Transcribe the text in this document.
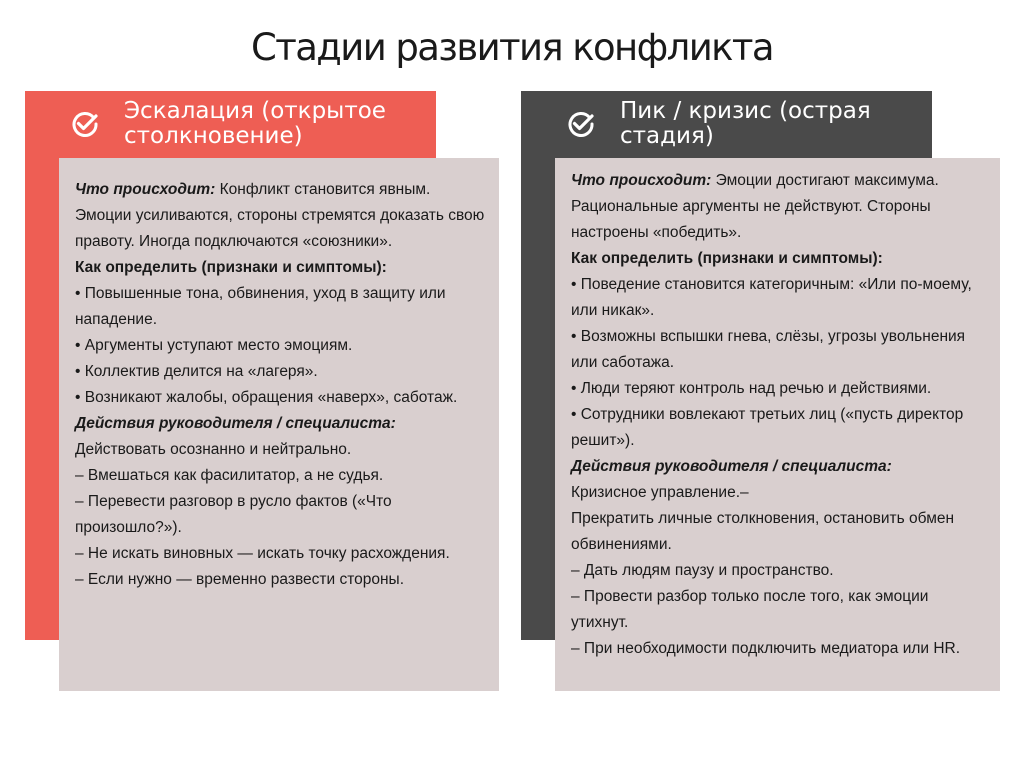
Стадии развития конфликта
Эскалация (открытое столкновение)

Что происходит: Конфликт становится явным. Эмоции усиливаются, стороны стремятся доказать свою правоту. Иногда подключаются «союзники».

Как определить (признаки и симптомы):

• Повышенные тона, обвинения, уход в защиту или нападение.

• Аргументы уступают место эмоциям.

• Коллектив делится на «лагеря».

• Возникают жалобы, обращения «наверх», саботаж.

Действия руководителя / специалиста:

Действовать осознанно и нейтрально.

– Вмешаться как фасилитатор, а не судья.

– Перевести разговор в русло фактов («Что произошло?»).

– Не искать виновных — искать точку расхождения.

– Если нужно — временно развести стороны.

Пик / кризис (острая стадия)

Что происходит: Эмоции достигают максимума. Рациональные аргументы не действуют. Стороны настроены «победить».

Как определить (признаки и симптомы):

• Поведение становится категоричным: «Или по-моему, или никак».

• Возможны вспышки гнева, слёзы, угрозы увольнения или саботажа.

• Люди теряют контроль над речью и действиями.

• Сотрудники вовлекают третьих лиц («пусть директор решит»).

Действия руководителя / специалиста:

Кризисное управление.–

Прекратить личные столкновения, остановить обмен обвинениями.

– Дать людям паузу и пространство.

– Провести разбор только после того, как эмоции утихнут.

– При необходимости подключить медиатора или HR.
